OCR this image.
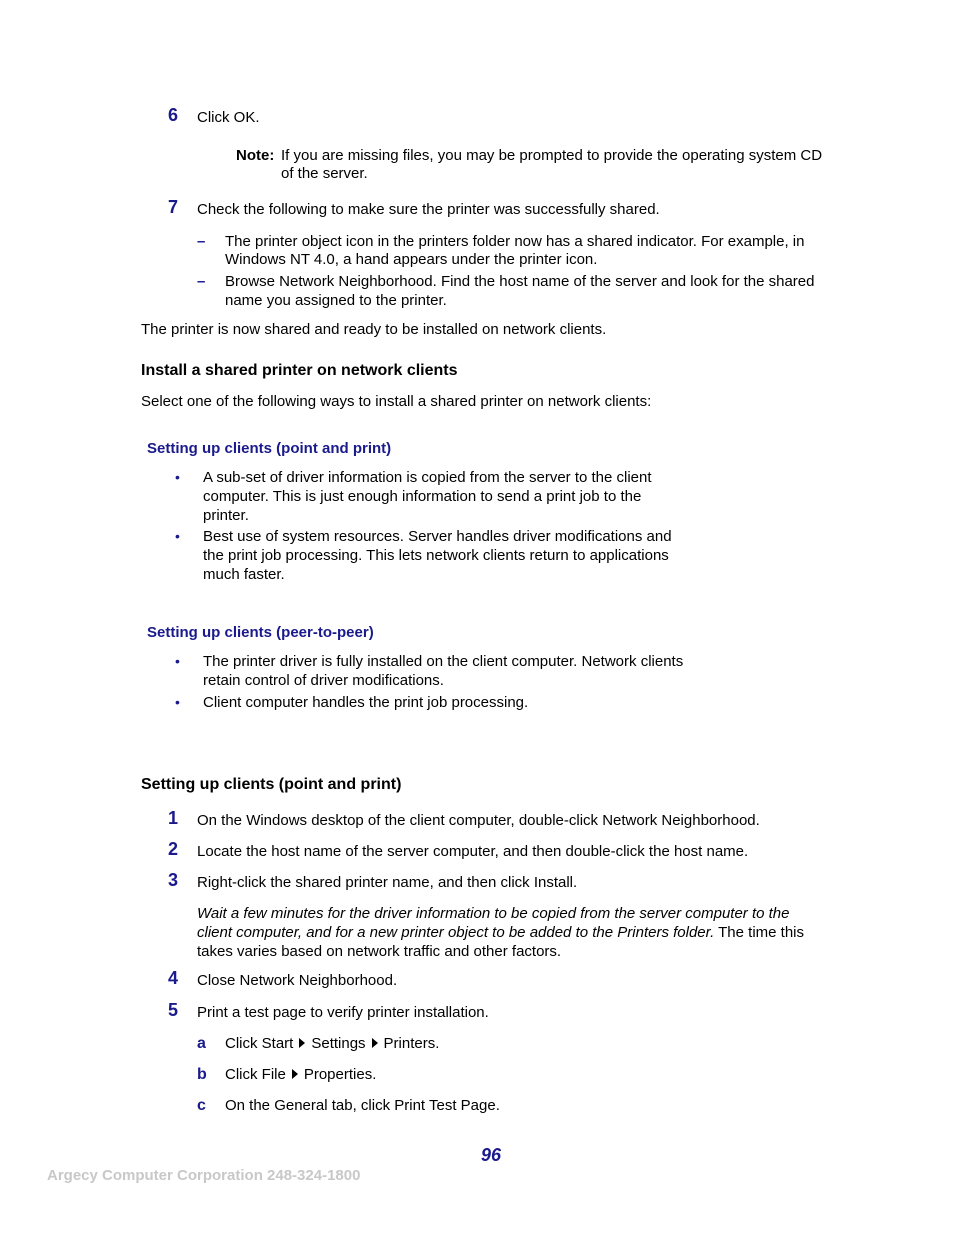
6 Click OK.
Note: If you are missing files, you may be prompted to provide the operating system CD
of the server.
7 Check the following to make sure the printer was successfully shared.
– The printer object icon in the printers folder now has a shared indicator. For example, in
Windows NT 4.0, a hand appears under the printer icon.
– Browse Network Neighborhood. Find the host name of the server and look for the shared
name you assigned to the printer.
The printer is now shared and ready to be installed on network clients.
Install a shared printer on network clients
Select one of the following ways to install a shared printer on network clients:
Setting up clients (point and print)
• A sub-set of driver information is copied from the server to the client
computer. This is just enough information to send a print job to the
printer.
• Best use of system resources. Server handles driver modifications and
the print job processing. This lets network clients return to applications
much faster.
Setting up clients (peer-to-peer)
• The printer driver is fully installed on the client computer. Network clients
retain control of driver modifications.
• Client computer handles the print job processing.
Setting up clients (point and print)
1 On the Windows desktop of the client computer, double-click Network Neighborhood.
2 Locate the host name of the server computer, and then double-click the host name.
3 Right-click the shared printer name, and then click Install.
Wait a few minutes for the driver information to be copied from the server computer to the
client computer, and for a new printer object to be added to the Printers folder. The time this
takes varies based on network traffic and other factors.
4 Close Network Neighborhood.
5 Print a test page to verify printer installation.
a Click Start Settings Printers.
b Click File Properties.
c On the General tab, click Print Test Page.
96
Argecy Computer Corporation 248-324-1800
